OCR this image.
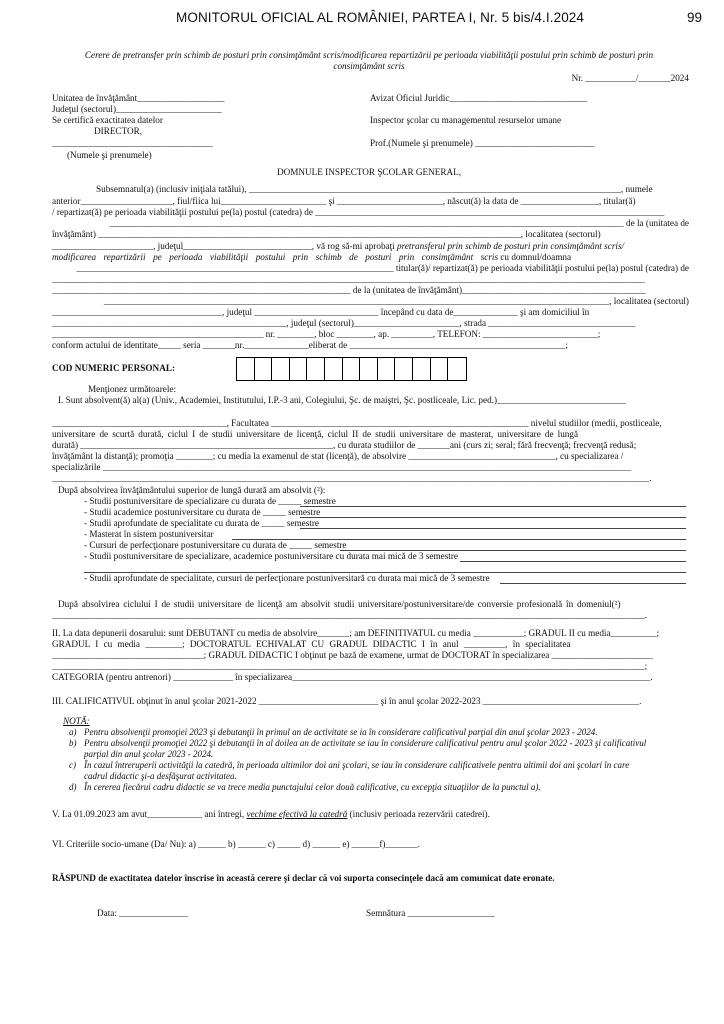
MONITORUL OFICIAL AL ROMÂNIEI, PARTEA I, Nr. 5 bis/4.I.2024	99
Cerere de pretransfer prin schimb de posturi prin consimţământ scris/modificarea repartizării pe perioada viabilităţii postului prin schimb de posturi prin
consimţământ scris
Nr. ___________/_______2024
Unitatea de învăţământ___________________
Judeţul (sectorul)_______________________
Se certifică exactitatea datelor
DIRECTOR,
___________________________________
(Numele şi prenumele)
Avizat Oficiul Juridic______________________________
Inspector şcolar cu managementul resurselor umane
Prof.(Numele şi prenumele) __________________________
DOMNULE INSPECTOR ŞCOLAR GENERAL,
Subsemnatul(a) (inclusiv iniţiala tatălui), _________________________________________________________________________________, numele
anterior____________________, fiul/fiica lui_______________________ şi _______________________, născut(ă) la data de _________________, titular(ă)
/ repartizat(ă) pe perioada viabilităţii postului pe(la) postul (catedra) de ____________________________________________________________________________
________________________________________________________________________________________________________________ de la (unitatea de
învăţământ) ____________________________________________________________________________________________, localitatea (sectorul)
______________________, judeţul____________________________, vă rog să-mi aprobaţi pretransferul prin schimb de posturi prin consimţământ scris/
modificarea repartizării pe perioada viabilităţii postului prin schimb de posturi prin consimţământ scris cu domnul/doamna
_____________________________________________________________________ titular(ă)/ repartizat(ă) pe perioada viabilităţii postului pe(la) postul (catedra) de
_________________________________________________________________________________________________________________________________
_________________________________________________________________ de la (unitatea de învăţământ)________________________________________
______________________________________________________________________________________________________________, localitatea (sectorul)
_____________________________________, judeţul ___________________________ începând cu data de______________ şi am domiciliul în
___________________________________________________, judeţul (sectorul)_______________________, strada ________________________________
______________________________________________ nr. ________, bloc ________, ap. _________, TELEFON: _________________________;
conform actului de identitate_____ seria _______nr.______________eliberat de _______________________________________________;
COD NUMERIC PERSONAL:
Menţionez următoarele:
I. Sunt absolvent(ă) al(a) (Univ., Academiei, Institutului, I.P.-3 ani, Colegiului, Şc. de maiştri, Şc. postliceale, Lic. ped.)____________________________
______________________________________, Facultatea ________________________________________________________ nivelul studiilor (medii, postliceale,
universitare de scurtă durată, ciclul I de studii universitare de licenţă, ciclul II de studii universitare de masterat, universitare de lungă
durată) _______________________________________________________, cu durata studiilor de _______ani (curs zi; seral; fără frecvenţă; frecvenţă redusă;
învăţământ la distanţă); promoţia ________; cu media la examenul de stat (licenţă), de absolvire ________________________________, cu specializarea /
specializările ___________________________________________________________________________________________________________________
__________________________________________________________________________________________________________________________________.
După absolvirea învăţământului superior de lungă durată am absolvit (²):
- Studii postuniversitare de specializare cu durata de _____ semestre
- Studii academice postuniversitare cu durata de _____ semestre
- Studii aprofundate de specialitate cu durata de _____ semestre
- Masterat în sistem postuniversitar
- Cursuri de perfecţionare postuniversitare cu durata de _____ semestre
- Studii postuniversitare de specializare, academice postuniversitare cu durata mai mică de 3 semestre
- Studii aprofundate de specialitate, cursuri de perfecţionare postuniversitară cu durata mai mică de 3 semestre
După absolvirea ciclului I de studii universitare de licenţă am absolvit studii universitare/postuniversitare/de conversie profesională în domeniul(²)
_________________________________________________________________________________________________________________________________.
II. La data depunerii dosarului: sunt DEBUTANT cu media de absolvire_______; am DEFINITIVATUL cu media ___________; GRADUL II cu media__________;
GRADUL I cu media ________; DOCTORATUL ECHIVALAT CU GRADUL DIDACTIC I în anul _________, în specialitatea
_________________________________; GRADUL DIDACTIC I obţinut pe bază de examene, urmat de DOCTORAT în specializarea ______________________
_________________________________________________________________________________________________________________________________;
CATEGORIA (pentru antrenori) _____________ în specializarea______________________________________________________________________________.
III. CALIFICATIVUL obţinut în anul şcolar 2021-2022 __________________________ şi în anul şcolar 2022-2023 __________________________________.
NOTĂ:
a) Pentru absolvenţii promoţiei 2023 şi debutanţii în primul an de activitate se ia în considerare calificativul parţial din anul şcolar 2023 - 2024.
b) Pentru absolvenţii promoţiei 2022 şi debutanţii în al doilea an de activitate se iau în considerare calificativul pentru anul şcolar 2022 - 2023 şi calificativul
parţial din anul şcolar 2023 - 2024.
c) În cazul întreruperii activităţii la catedră, în perioada ultimilor doi ani şcolari, se iau în considerare calificativele pentru ultimii doi ani şcolari în care
cadrul didactic şi-a desfăşurat activitatea.
d) În cererea fiecărui cadru didactic se va trece media punctajului celor două calificative, cu excepţia situaţiilor de la punctul a).
V. La 01.09.2023 am avut____________ ani întregi, vechime efectivă la catedră (inclusiv perioada rezervării catedrei).
VI. Criteriile socio-umane (Da/ Nu): a) ______ b) ______ c) _____ d) ______ e) ______f)_______.
RĂSPUND de exactitatea datelor înscrise în această cerere şi declar că voi suporta consecinţele dacă am comunicat date eronate.
Data: _______________	Semnătura ___________________
